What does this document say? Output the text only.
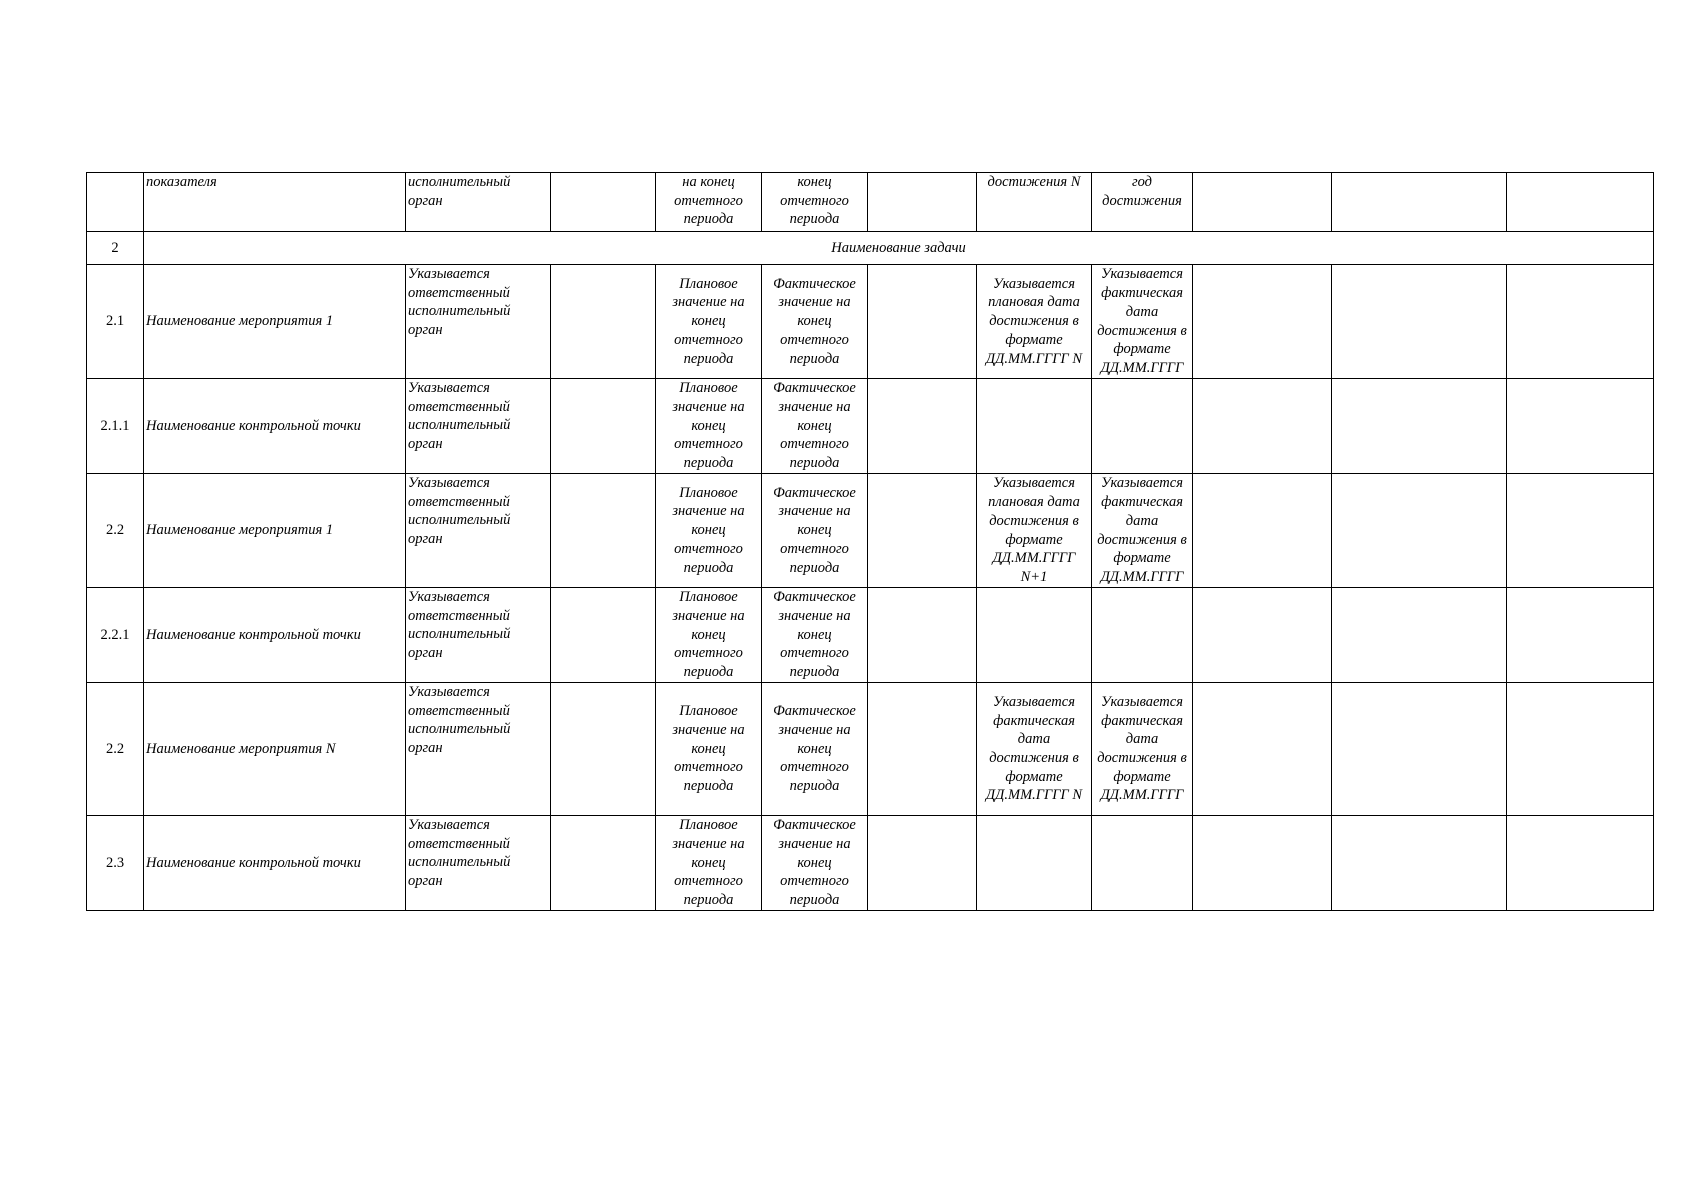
	показателя	исполнительный орган		на конец отчетного периода	конец отчетного периода		достижения N	год достижения			
2	Наименование задачи										
2.1	Наименование мероприятия 1	Указывается ответственный исполнительный орган		Плановое значение на конец отчетного периода	Фактическое значение на конец отчетного периода		Указывается плановая дата достижения в формате ДД.ММ.ГГГГ N	Указывается фактическая дата достижения в формате ДД.ММ.ГГГГ			
2.1.1	Наименование контрольной точки	Указывается ответственный исполнительный орган		Плановое значение на конец отчетного периода	Фактическое значение на конец отчетного периода						
2.2	Наименование мероприятия 1	Указывается ответственный исполнительный орган		Плановое значение на конец отчетного периода	Фактическое значение на конец отчетного периода		Указывается плановая дата достижения в формате ДД.ММ.ГГГГ N+1	Указывается фактическая дата достижения в формате ДД.ММ.ГГГГ			
2.2.1	Наименование контрольной точки	Указывается ответственный исполнительный орган		Плановое значение на конец отчетного периода	Фактическое значение на конец отчетного периода						
2.2	Наименование мероприятия N	Указывается ответственный исполнительный орган		Плановое значение на конец отчетного периода	Фактическое значение на конец отчетного периода		Указывается фактическая дата достижения в формате ДД.ММ.ГГГГ N	Указывается фактическая дата достижения в формате ДД.ММ.ГГГГ			
2.3	Наименование контрольной точки	Указывается ответственный исполнительный орган		Плановое значение на конец отчетного периода	Фактическое значение на конец отчетного периода						
